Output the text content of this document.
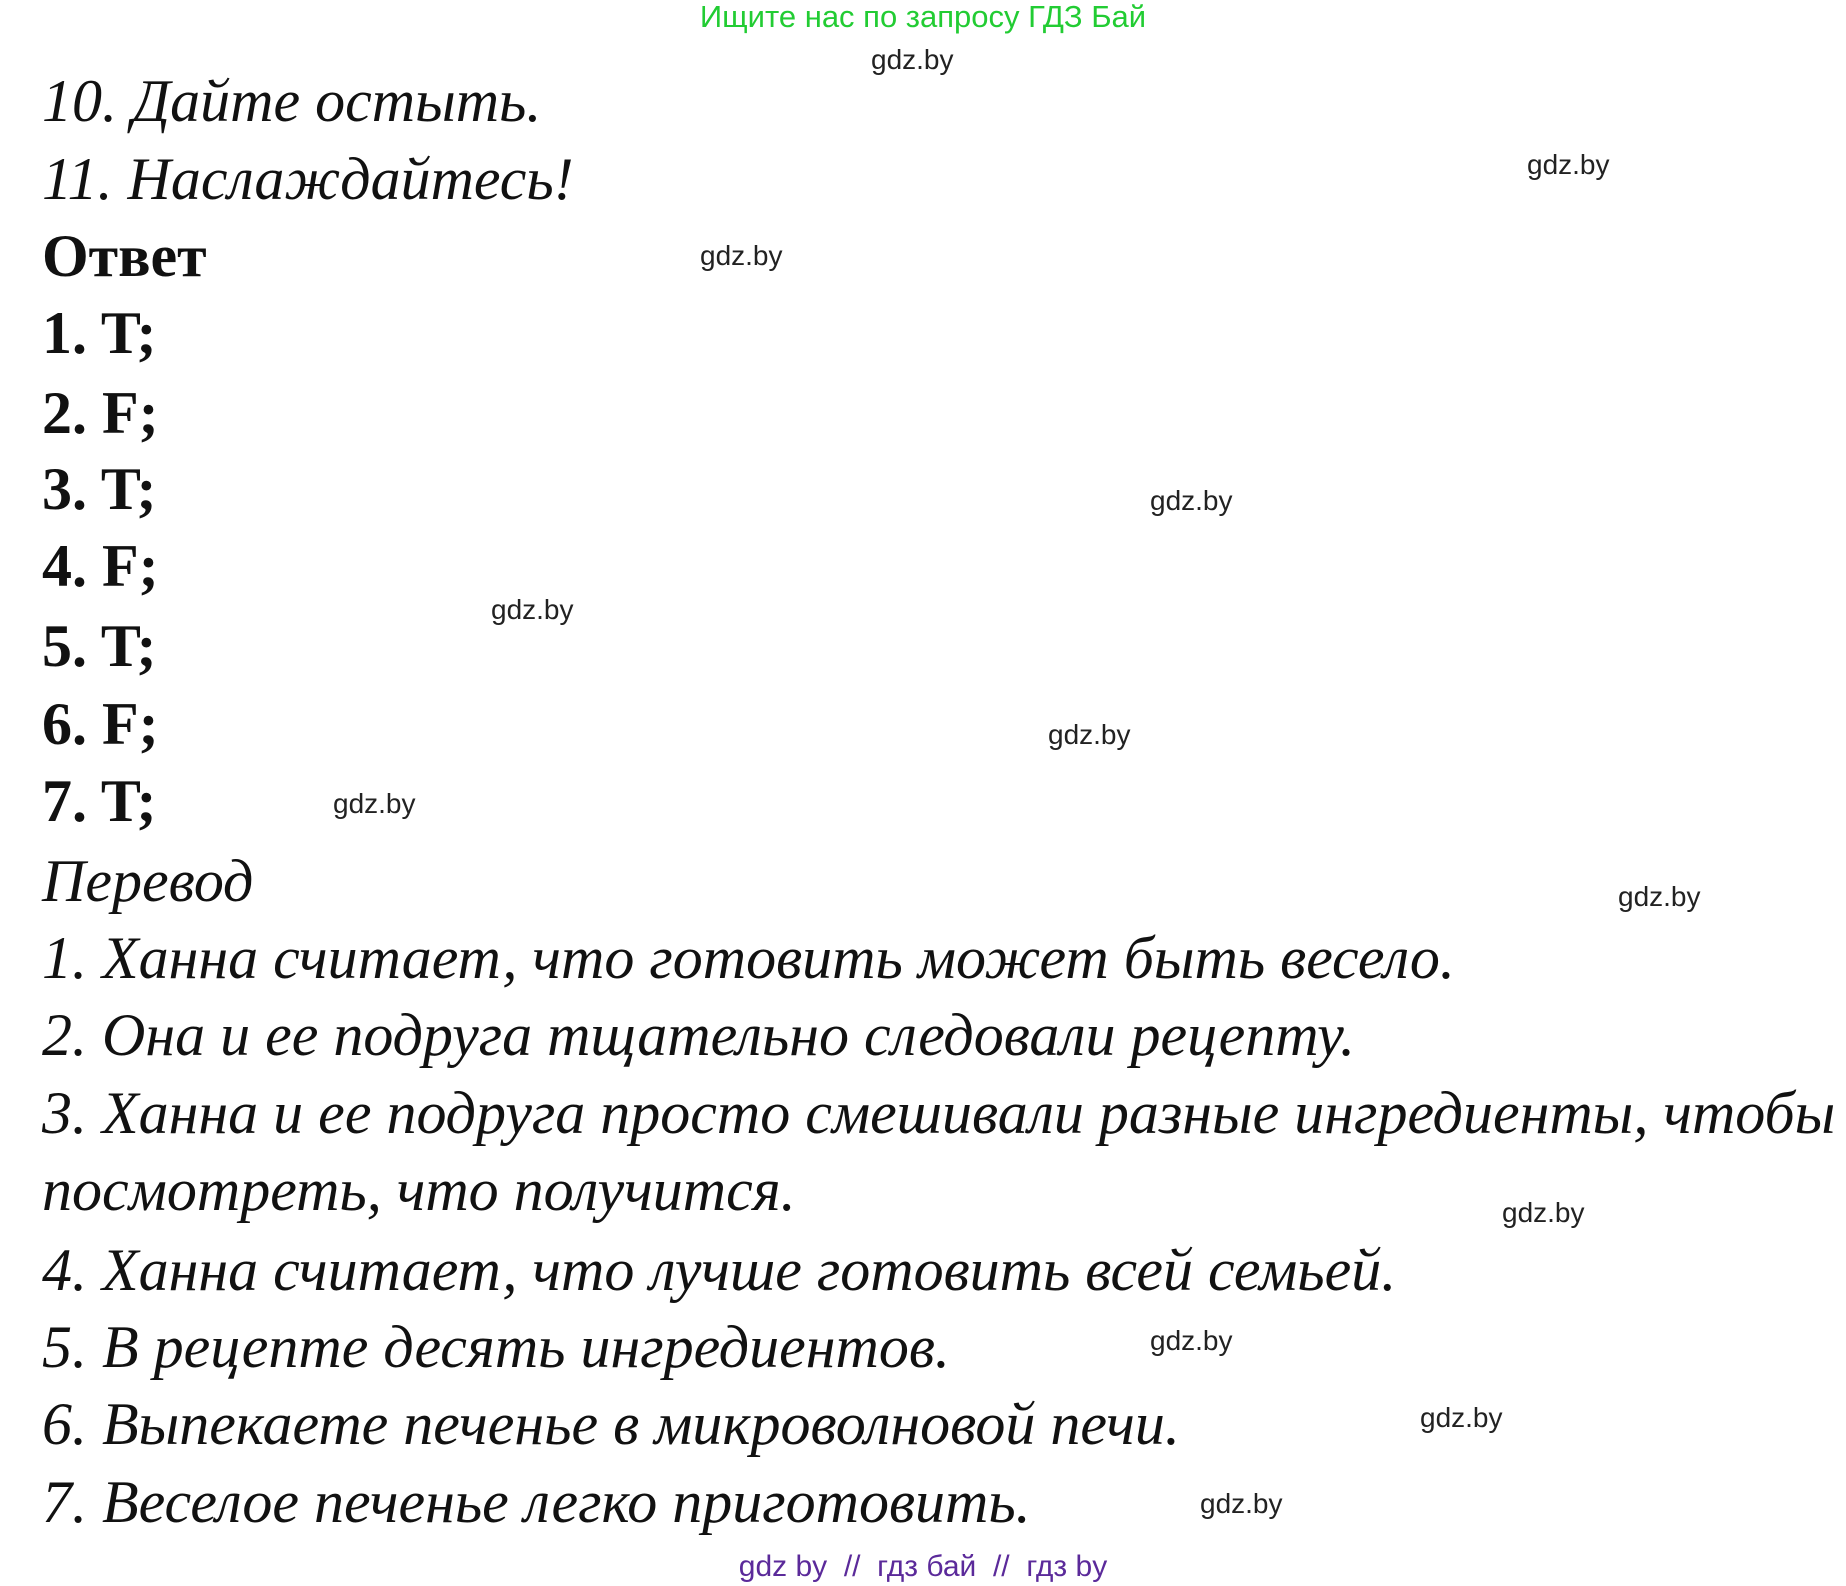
Ищите нас по запросу ГДЗ Бай
10. Дайте остыть.
11. Наслаждайтесь!
Ответ
1. T;
2. F;
3. T;
4. F;
5. T;
6. F;
7. T;
Перевод
1. Ханна считает, что готовить может быть весело.
2. Она и ее подруга тщательно следовали рецепту.
3. Ханна и ее подруга просто смешивали разные ингредиенты, чтобы
посмотреть, что получится.
4. Ханна считает, что лучше готовить всей семьей.
5. В рецепте десять ингредиентов.
6. Выпекаете печенье в микроволновой печи.
7. Веселое печенье легко приготовить.
gdz.by
gdz.by
gdz.by
gdz.by
gdz.by
gdz.by
gdz.by
gdz.by
gdz.by
gdz.by
gdz.by
gdz.by
gdz by  //  гдз бай  //  гдз by
